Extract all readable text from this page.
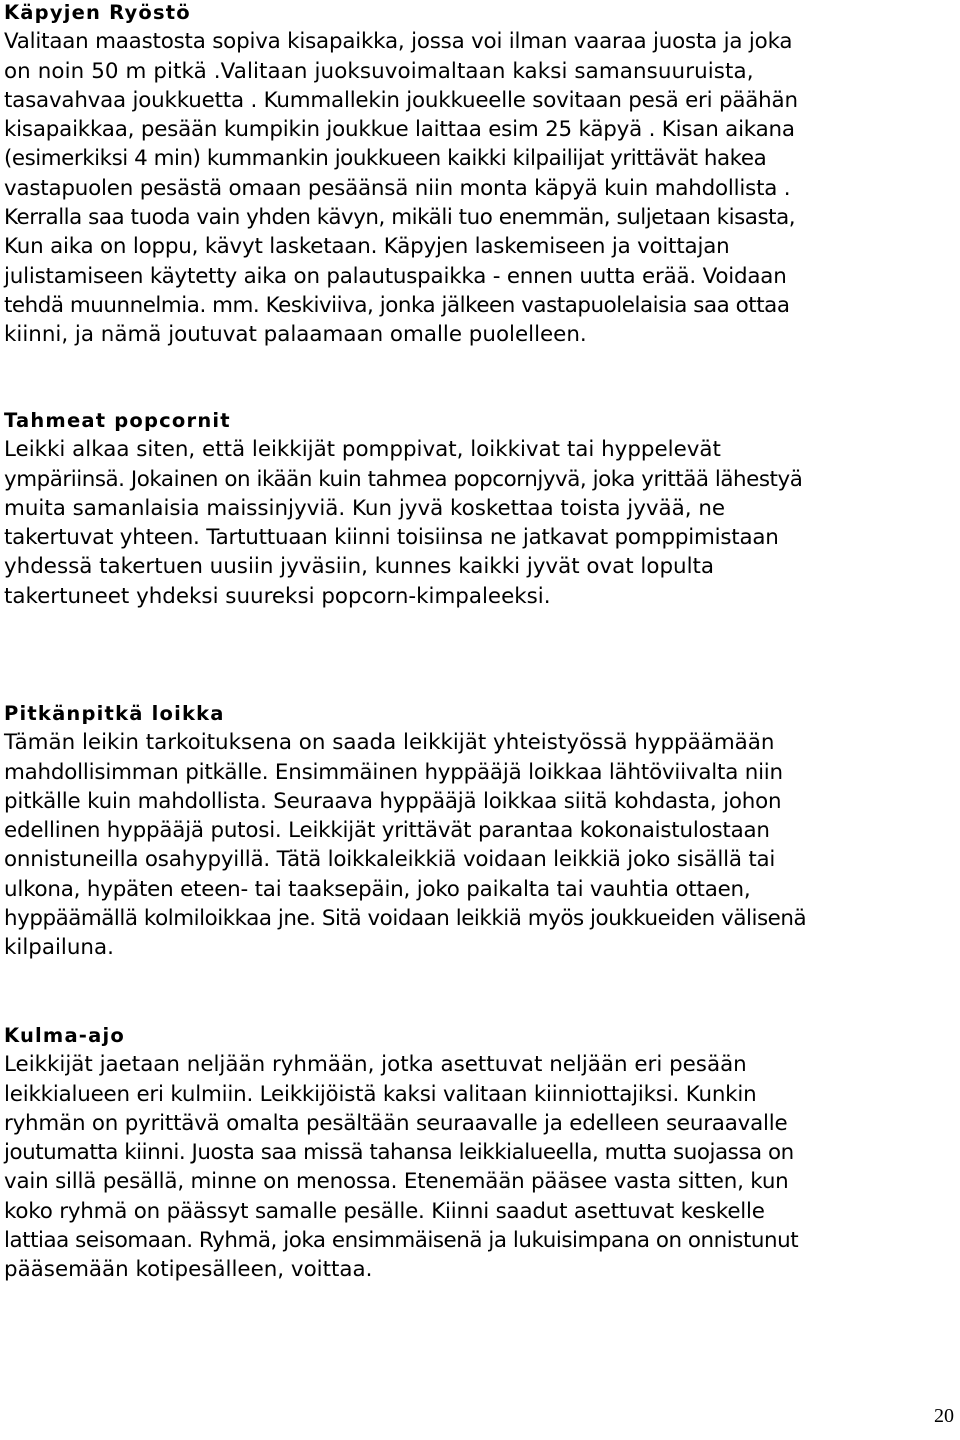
Käpyjen Ryöstö
Valitaan maastosta sopiva kisapaikka, jossa voi ilman vaaraa juosta ja joka
on noin 50 m pitkä .Valitaan juoksuvoimaltaan kaksi samansuuruista,
tasavahvaa joukkuetta . Kummallekin joukkueelle sovitaan pesä eri päähän
kisapaikkaa, pesään kumpikin joukkue laittaa esim 25 käpyä . Kisan aikana
(esimerkiksi 4 min) kummankin joukkueen kaikki kilpailijat yrittävät hakea
vastapuolen pesästä omaan pesäänsä niin monta käpyä kuin mahdollista .
Kerralla saa tuoda vain yhden kävyn, mikäli tuo enemmän, suljetaan kisasta,
Kun aika on loppu, kävyt lasketaan. Käpyjen laskemiseen ja voittajan
julistamiseen käytetty aika on palautuspaikka - ennen uutta erää. Voidaan
tehdä muunnelmia. mm. Keskiviiva, jonka jälkeen vastapuolelaisia saa ottaa
kiinni, ja nämä joutuvat palaamaan omalle puolelleen.
Tahmeat popcornit
Leikki alkaa siten, että leikkijät pomppivat, loikkivat tai hyppelevät
ympäriinsä. Jokainen on ikään kuin tahmea popcornjyvä, joka yrittää lähestyä
muita samanlaisia maissinjyviä. Kun jyvä koskettaa toista jyvää, ne
takertuvat yhteen. Tartuttuaan kiinni toisiinsa ne jatkavat pomppimistaan
yhdessä takertuen uusiin jyväsiin, kunnes kaikki jyvät ovat lopulta
takertuneet yhdeksi suureksi popcorn-kimpaleeksi.
Pitkänpitkä loikka
Tämän leikin tarkoituksena on saada leikkijät yhteistyössä hyppäämään
mahdollisimman pitkälle. Ensimmäinen hyppääjä loikkaa lähtöviivalta niin
pitkälle kuin mahdollista. Seuraava hyppääjä loikkaa siitä kohdasta, johon
edellinen hyppääjä putosi. Leikkijät yrittävät parantaa kokonaistulostaan
onnistuneilla osahypyillä. Tätä loikkaleikkiä voidaan leikkiä joko sisällä tai
ulkona, hypäten eteen- tai taaksepäin, joko paikalta tai vauhtia ottaen,
hyppäämällä kolmiloikkaa jne. Sitä voidaan leikkiä myös joukkueiden välisenä
kilpailuna.
Kulma-ajo
Leikkijät jaetaan neljään ryhmään, jotka asettuvat neljään eri pesään
leikkialueen eri kulmiin. Leikkijöistä kaksi valitaan kiinniottajiksi. Kunkin
ryhmän on pyrittävä omalta pesältään seuraavalle ja edelleen seuraavalle
joutumatta kiinni. Juosta saa missä tahansa leikkialueella, mutta suojassa on
vain sillä pesällä, minne on menossa. Etenemään pääsee vasta sitten, kun
koko ryhmä on päässyt samalle pesälle. Kiinni saadut asettuvat keskelle
lattiaa seisomaan. Ryhmä, joka ensimmäisenä ja lukuisimpana on onnistunut
pääsemään kotipesälleen, voittaa.
20
